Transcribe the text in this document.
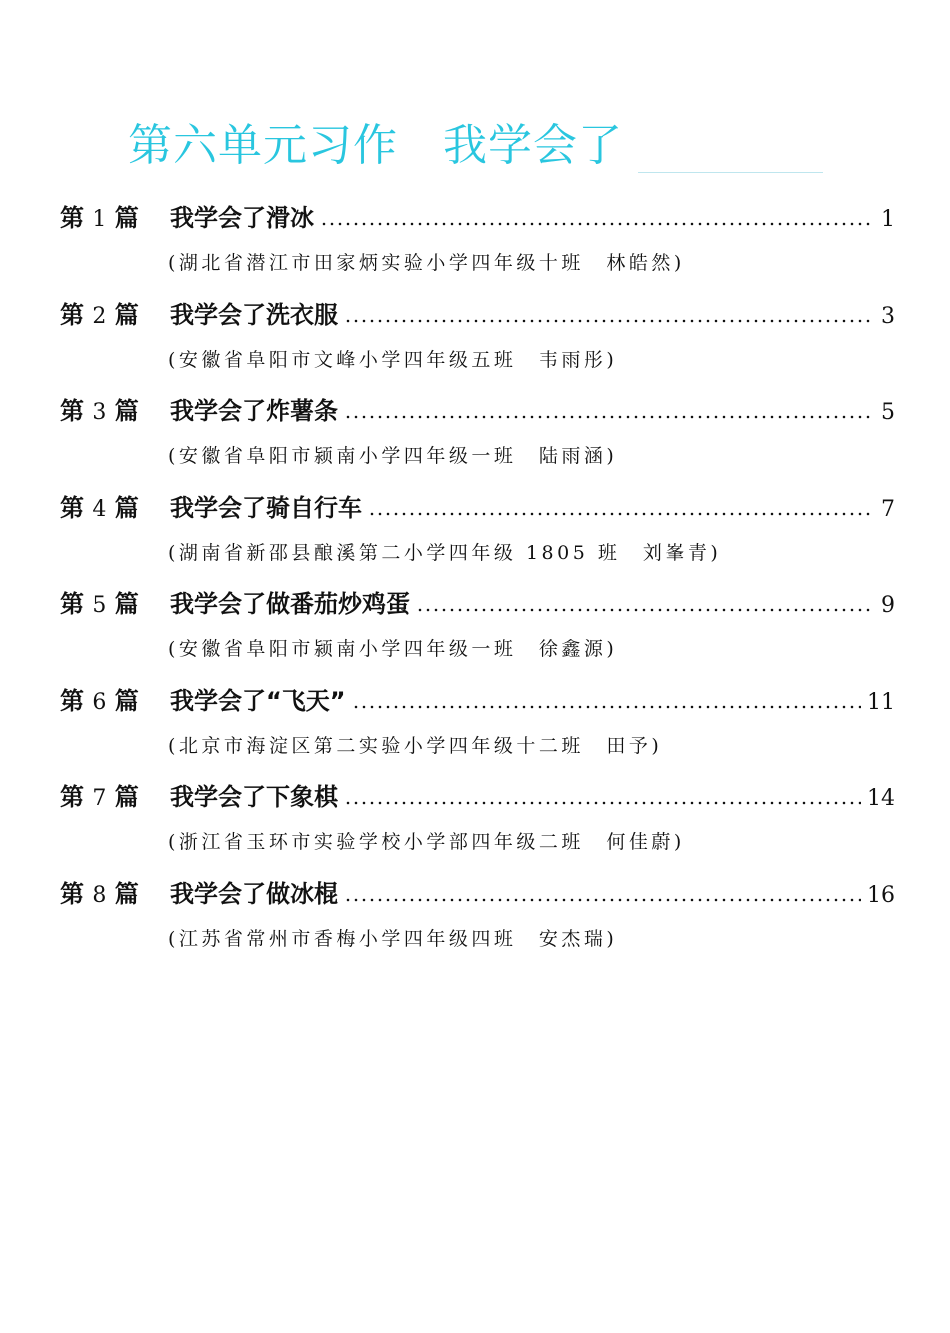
第六单元习作　我学会了
第 1 篇	我学会了滑冰	1
(湖北省潜江市田家炳实验小学四年级十班　林皓然)
第 2 篇	我学会了洗衣服	3
(安徽省阜阳市文峰小学四年级五班　韦雨彤)
第 3 篇	我学会了炸薯条	5
(安徽省阜阳市颍南小学四年级一班　陆雨涵)
第 4 篇	我学会了骑自行车	7
(湖南省新邵县酿溪第二小学四年级 1805 班　刘峯青)
第 5 篇	我学会了做番茄炒鸡蛋	9
(安徽省阜阳市颍南小学四年级一班　徐鑫源)
第 6 篇	我学会了“飞天”	11
(北京市海淀区第二实验小学四年级十二班　田予)
第 7 篇	我学会了下象棋	14
(浙江省玉环市实验学校小学部四年级二班　何佳蔚)
第 8 篇	我学会了做冰棍	16
(江苏省常州市香梅小学四年级四班　安杰瑞)
